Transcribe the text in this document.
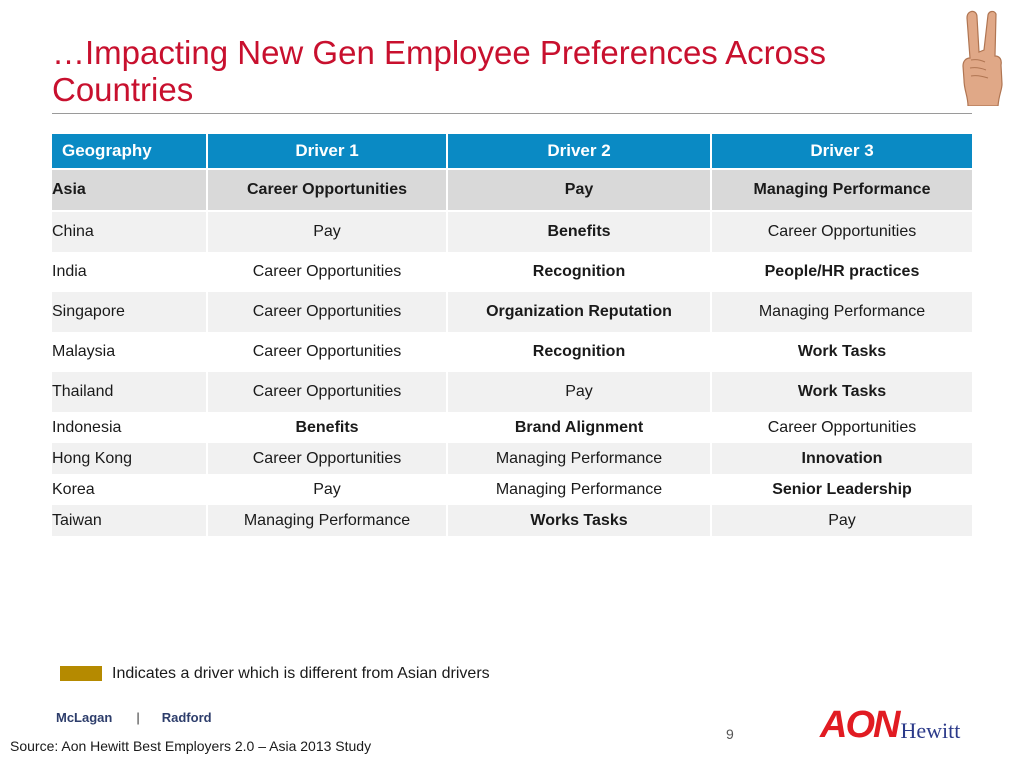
…Impacting New Gen Employee Preferences Across Countries
Geography	Driver 1	Driver 2	Driver 3
Asia	Career Opportunities	Pay	Managing Performance
China	Pay	Benefits	Career Opportunities
India	Career Opportunities	Recognition	People/HR practices
Singapore	Career Opportunities	Organization Reputation	Managing Performance
Malaysia	Career Opportunities	Recognition	Work Tasks
Thailand	Career Opportunities	Pay	Work Tasks
Indonesia	Benefits	Brand Alignment	Career Opportunities
Hong Kong	Career Opportunities	Managing Performance	Innovation
Korea	Pay	Managing Performance	Senior Leadership
Taiwan	Managing Performance	Works Tasks	Pay
Indicates a driver which is different from Asian drivers
McLagan | Radford
9
Source: Aon Hewitt Best Employers 2.0 – Asia 2013 Study	AON Hewitt
